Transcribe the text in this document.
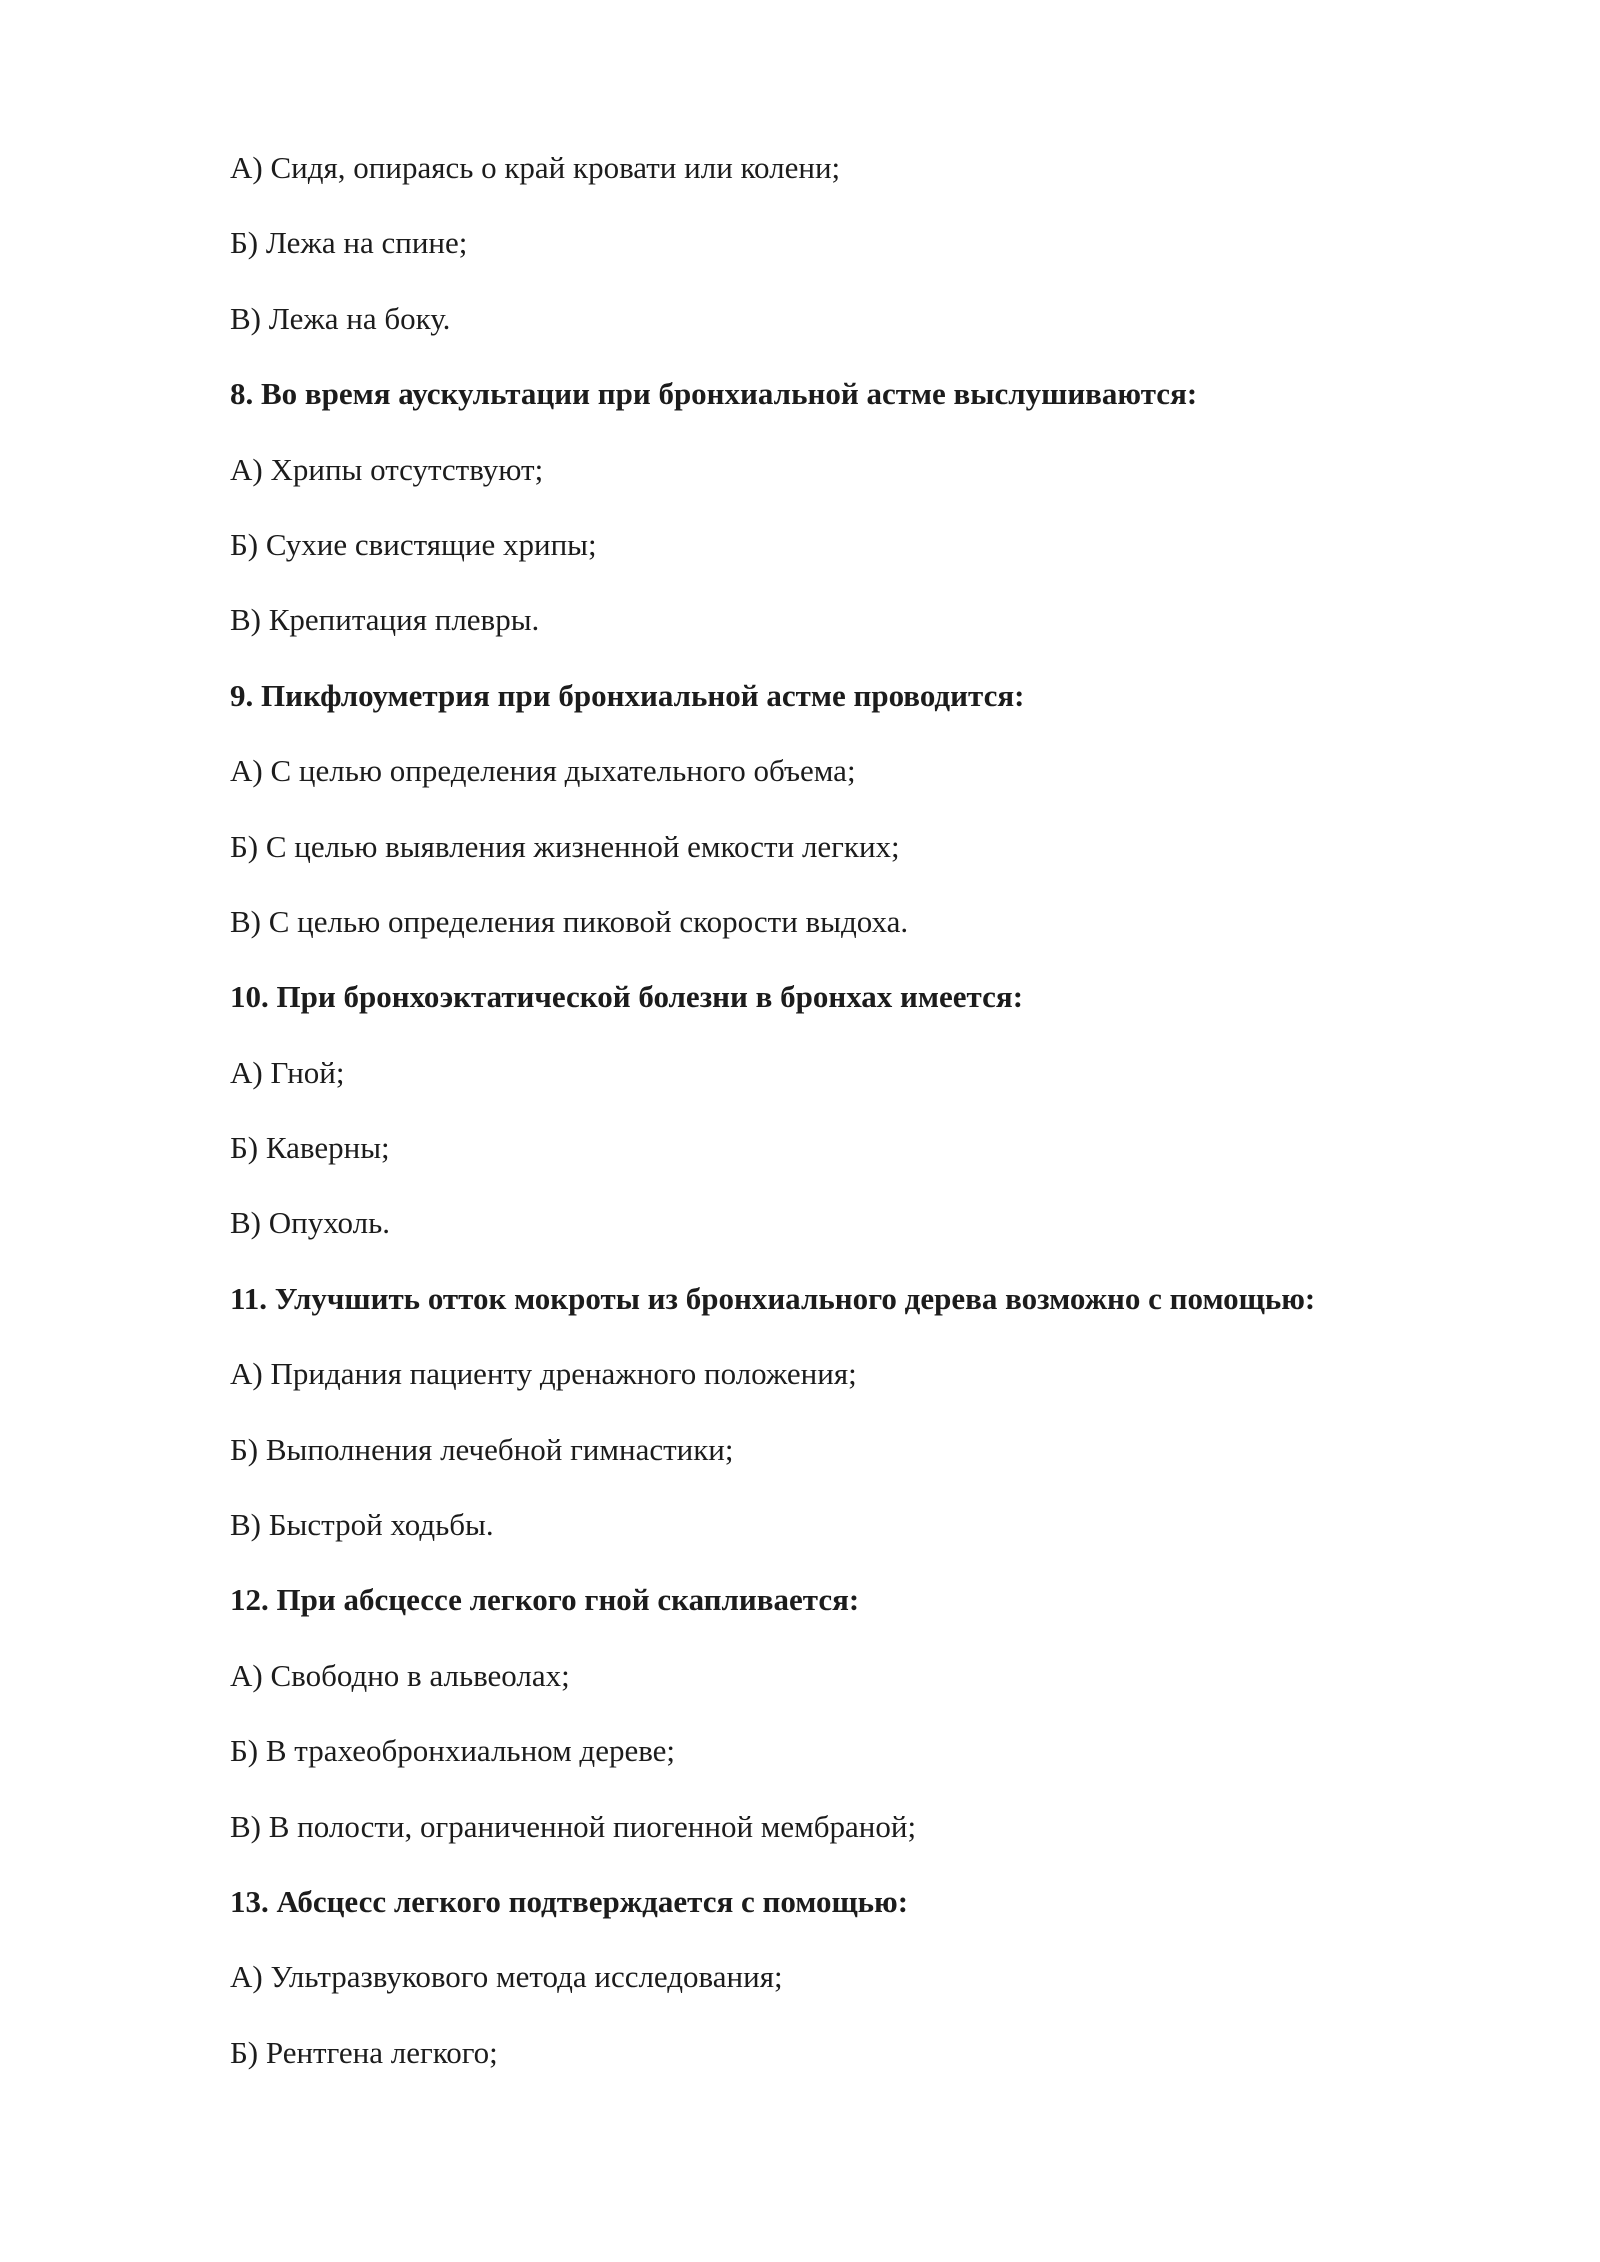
А) Сидя, опираясь о край кровати или колени;
Б) Лежа на спине;
В) Лежа на боку.
8. Во время аускультации при бронхиальной астме выслушиваются:
А) Хрипы отсутствуют;
Б) Сухие свистящие хрипы;
В) Крепитация плевры.
9. Пикфлоуметрия при бронхиальной астме проводится:
А) С целью определения дыхательного объема;
Б) С целью выявления жизненной емкости легких;
В) С целью определения пиковой скорости выдоха.
10. При бронхоэктатической болезни в бронхах имеется:
А) Гной;
Б) Каверны;
В) Опухоль.
11. Улучшить отток мокроты из бронхиального дерева возможно с помощью:
А) Придания пациенту дренажного положения;
Б) Выполнения лечебной гимнастики;
В) Быстрой ходьбы.
12. При абсцессе легкого гной скапливается:
А) Свободно в альвеолах;
Б) В трахеобронхиальном дереве;
В) В полости, ограниченной пиогенной мембраной;
13. Абсцесс легкого подтверждается с помощью:
А) Ультразвукового метода исследования;
Б) Рентгена легкого;
